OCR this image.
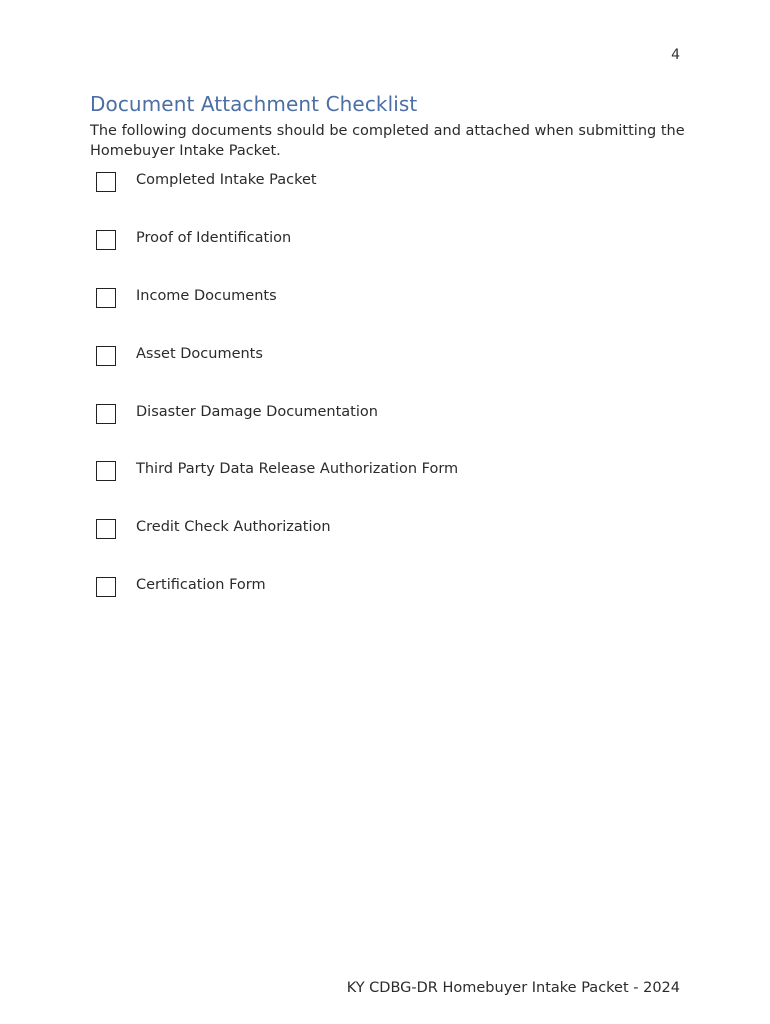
4
Document Attachment Checklist

The following documents should be completed and attached when submitting the Homebuyer Intake Packet.

Completed Intake Packet
Proof of Identification
Income Documents
Asset Documents
Disaster Damage Documentation
Third Party Data Release Authorization Form
Credit Check Authorization
Certification Form
KY CDBG-DR Homebuyer Intake Packet - 2024
